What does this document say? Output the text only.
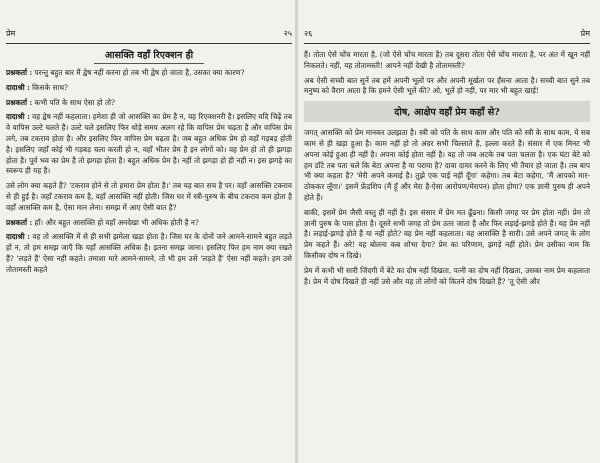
प्रेम	२५
आसक्ति वहाँ रिएक्शन ही

प्रश्नकर्ता : परन्तु बहुत बार मैं द्वेष नहीं करना हो तब भी द्वेष हो जाता है, उसका क्या कारण?

दादाश्री : किसके साथ?

प्रश्नकर्ता : कभी पति के साथ ऐसा हो तो?

दादाश्री : वह द्वेष नहीं कहलाता। हमेशा ही जो आसक्ति का प्रेम है न, वह रिएक्शनरी है। इसलिए यदि चिढ़ें तब वे वापिस उल्टे चलते हैं। उल्टे चले इसलिए फिर थोड़े समय अलग रहे कि वापिस प्रेम चढ़ता है और वापिस प्रेम लगे, तब टकराव होता है। और इसलिए फिर वापिस प्रेम चढ़ता है। जब बहुत अधिक प्रेम हो वहाँ गड़बड़ होती है। इसलिए जहाँ कोई भी गड़बड़ चला करती हो न, वहाँ भीतर प्रेम है इन लोगों को। वह प्रेम हो तो ही झगड़ा होता है। पूर्व भव का प्रेम है तो झगड़ा होता है। बहुत अधिक प्रेम है। नहीं तो झगड़ा हो ही नहीं न। इस झगड़े का स्वरूप ही यह है।

उसे लोग क्या कहते हैं? 'टकराव होने से तो हमारा प्रेम होता है।' तब यह बात सच है पर। वहाँ आसक्ति टकराव से ही हुई है। जहाँ टकराव कम है, वहाँ आसक्ति नहीं होती। जिस घर में स्त्री-पुरुष के बीच टकराव कम होता है वहाँ आसक्ति कम है, ऐसा मान लेना। समझ में आए ऐसी बात है?

प्रश्नकर्ता : हाँ। और बहुत आसक्ति हो वहाँ अनदेखा भी अधिक होती है न?

दादाश्री : वह तो आसक्ति में से ही सभी झमेला खड़ा होता है। जिस घर के दोनों जने आमने-सामने बहुत लड़ते हों न, तो हम समझ जाएँ कि यहाँ आसक्ति अधिक है। इतना समझ जाना। इसलिए फिर हम नाम क्या रखते हैं? 'लड़ते हैं' ऐसा नहीं कहते। तमाशा मारे आमने-सामने, तो भी हम उसे 'लड़ते हैं' ऐसा नहीं कहते। हम उसे तोतामस्ती कहते

२६	प्रेम

हैं। तोता ऐसे चोंच मारता है, (जो ऐसे चोंच मारता है) तब दूसरा तोता ऐसे चोंच मारता है, पर अंत में खून नहीं निकलते। नहीं, यह तोतामस्ती! आपने नहीं देखी है तोतामस्ती?

अब ऐसी सच्ची बात सुनें तब हमें अपनी भूलों पर और अपनी मूर्खता पर हँसना आता है। सच्ची बात सुने तब मनुष्य को वैराग आता है कि हमने ऐसी भूलें की? ओ, भूलें हो नहीं, पर मार भी बहुत खाई!

दोष, आक्षेप वहाँ प्रेम कहाँ से?

जगत् आसक्ति को प्रेम मानकर उलझता है। स्त्री को पति के साथ काम और पति को स्त्री के साथ काम, ये सब काम से ही खड़ा हुआ है। काम नहीं हो तो अंदर सभी चिल्लाते हैं, हल्ला करते हैं। संसार में एक मिनट भी अपना कोई हुआ ही नहीं है। अपना कोई होता नहीं है। वह तो जब अटके तब पता चलता है। एक घंटा बेटे को हम डाँटे तब पता चले कि बेटा अपना है या पराया है? दावा दायर करने के लिए भी तैयार हो जाता है। तब बाप भी क्या कहता है? 'मेरी अपने कमाई है। तुझे एक पाई नहीं दूँगा' कहेगा। तब बेटा कहेगा, 'मैं आपको मार-ठोककर लूँगा।' इसमें फ्रेंडशिप (मैं हूँ और मेरा है-ऐसा आरोपण/मेरापन) होता होगा? एक ज्ञानी पुरुष ही अपने होते हैं।

बाकी, इसमें प्रेम जैसी वस्तु ही नहीं है। इस संसार में प्रेम मत ढूँढना। किसी जगह पर प्रेम होता नहीं। प्रेम तो ज्ञानी पुरुष के पास होता है। दूसरे सभी जगह तो प्रेम उतर जाता है और फिर लड़ाई-झगड़े होते हैं। यह प्रेम नहीं है। लड़ाई-झगड़े होते हैं या नहीं होते? वह प्रेम नहीं कहलाता। वह आसक्ति है सारी। उसे अपने जगत् के लोग प्रेम कहते हैं। अरे! वह बोलना कब शोभा देगा? प्रेम का परिणाम, झगड़े नहीं होते। प्रेम उसीका नाम कि किसीका दोष न दिखे।

प्रेम में कभी भी सारी जिंदगी में बेटे का दोष नहीं दिखता, पत्नी का दोष नहीं दिखता, उसका नाम प्रेम कहलाता है। प्रेम में दोष दिखते ही नहीं उसे और यह तो लोगों को कितने दोष दिखते हैं? 'तू ऐसी और
